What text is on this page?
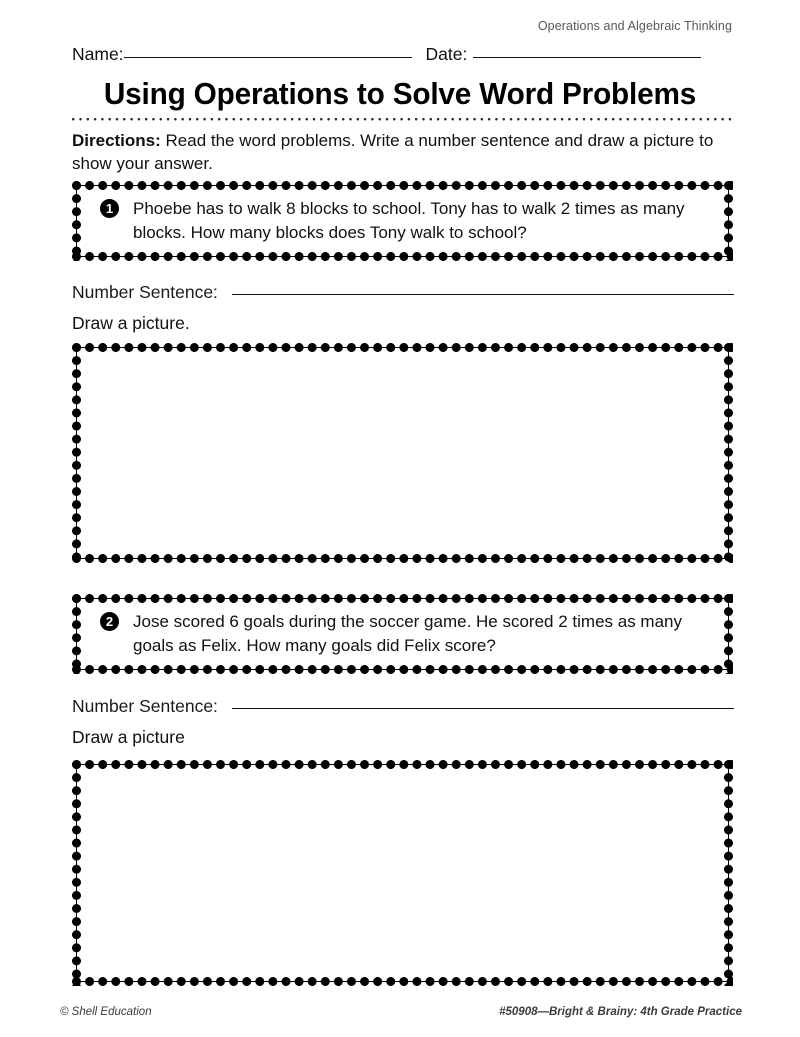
Operations and Algebraic Thinking
Name:	Date:
Using Operations to Solve Word Problems
Directions: Read the word problems. Write a number sentence and draw a picture to show your answer.
1	Phoebe has to walk 8 blocks to school. Tony has to walk 2 times as many blocks. How many blocks does Tony walk to school?
Number Sentence:
Draw a picture.
2	Jose scored 6 goals during the soccer game. He scored 2 times as many goals as Felix. How many goals did Felix score?
Number Sentence:
Draw a picture
© Shell Education	#50908—Bright & Brainy: 4th Grade Practice
